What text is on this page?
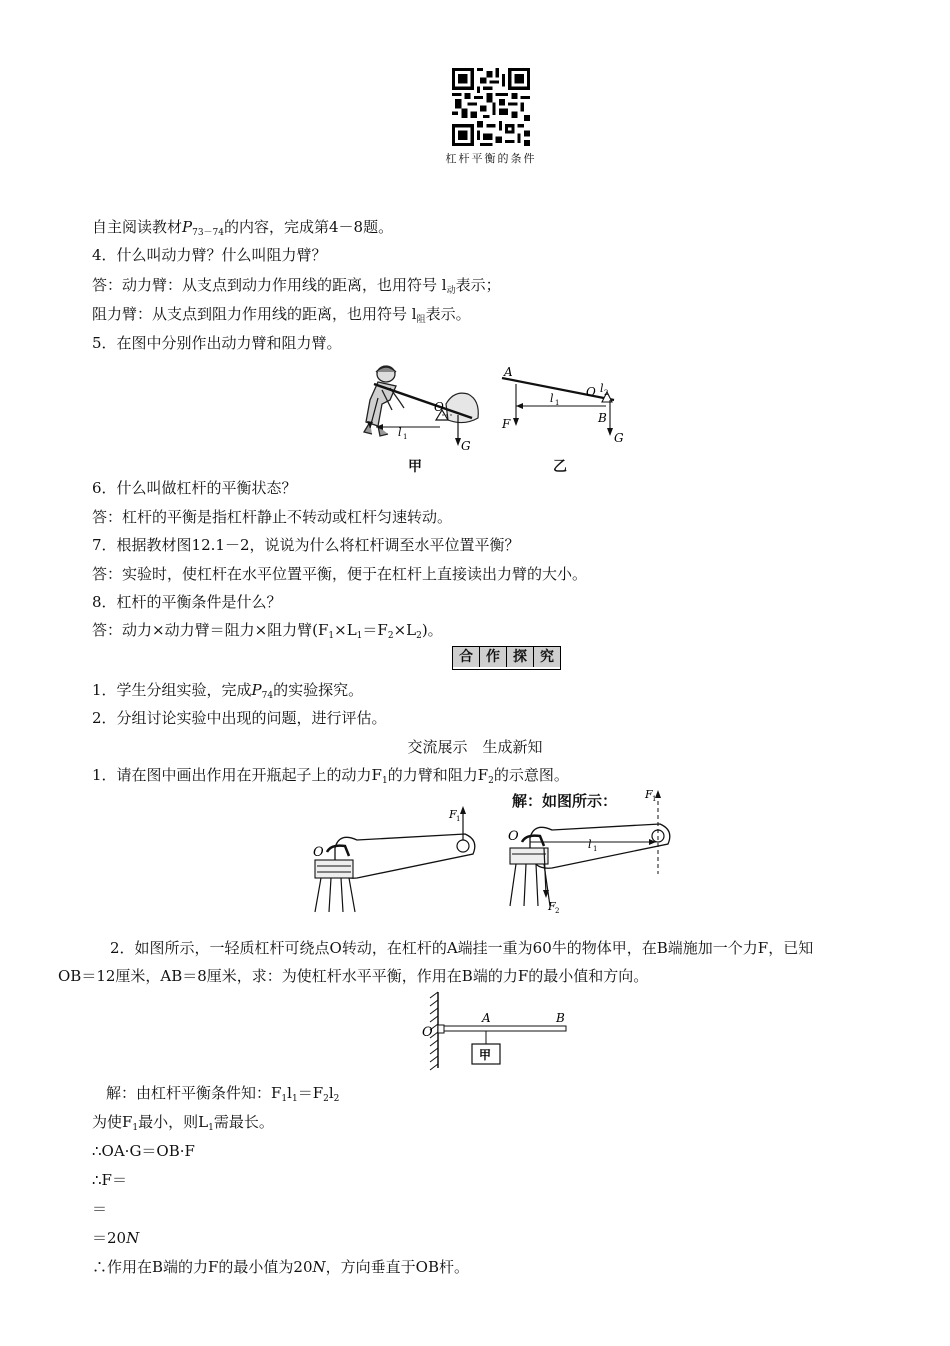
杠杆平衡的条件
自主阅读教材$P_{73-74}$的内容，完成第4－8题。
4．什么叫动力臂？什么叫阻力臂？
答：动力臂：从支点到动力作用线的距离，也用符号 $l_动$表示；
阻力臂：从支点到阻力作用线的距离，也用符号 $l_阻$表示。
5．在图中分别作出动力臂和阻力臂。
O
l 1
G
甲
A
F
l 1
O l 2
B
G
乙
6．什么叫做杠杆的平衡状态？
答：杠杆的平衡是指杠杆静止不转动或杠杆匀速转动。
7．根据教材图12.1－2，说说为什么将杠杆调至水平位置平衡？
答：实验时，使杠杆在水平位置平衡，便于在杠杆上直接读出力臂的大小。
8．杠杆的平衡条件是什么？
答：动力×动力臂＝阻力×阻力臂$(F_1\times L_1=F_2\times L_2)$。
合 作 探 究
1．学生分组实验，完成$P_{74}$的实验探究。
2．分组讨论实验中出现的问题，进行评估。
交流展示　生成新知
1．请在图中画出作用在开瓶起子上的动力$F_1$的力臂和阻力$F_2$的示意图。
解：如图所示：
O
F 1
O
F 1
l 1
F 2
2．如图所示，一轻质杠杆可绕点O转动，在杠杆的A端挂一重为60牛的物体甲，在B端施加一个力F，已知
OB＝12厘米，AB＝8厘米，求：为使杠杆水平平衡，作用在B端的力F的最小值和方向。
甲
O
A	B
解：由杠杆平衡条件知：$F_1l_1=F_2l_2$
为使$F_1$最小，则$L_1$需最长。
∴OA·G＝OB·F
∴F＝
＝
＝20N
∴作用在B端的力F的最小值为20N，方向垂直于OB杆。
